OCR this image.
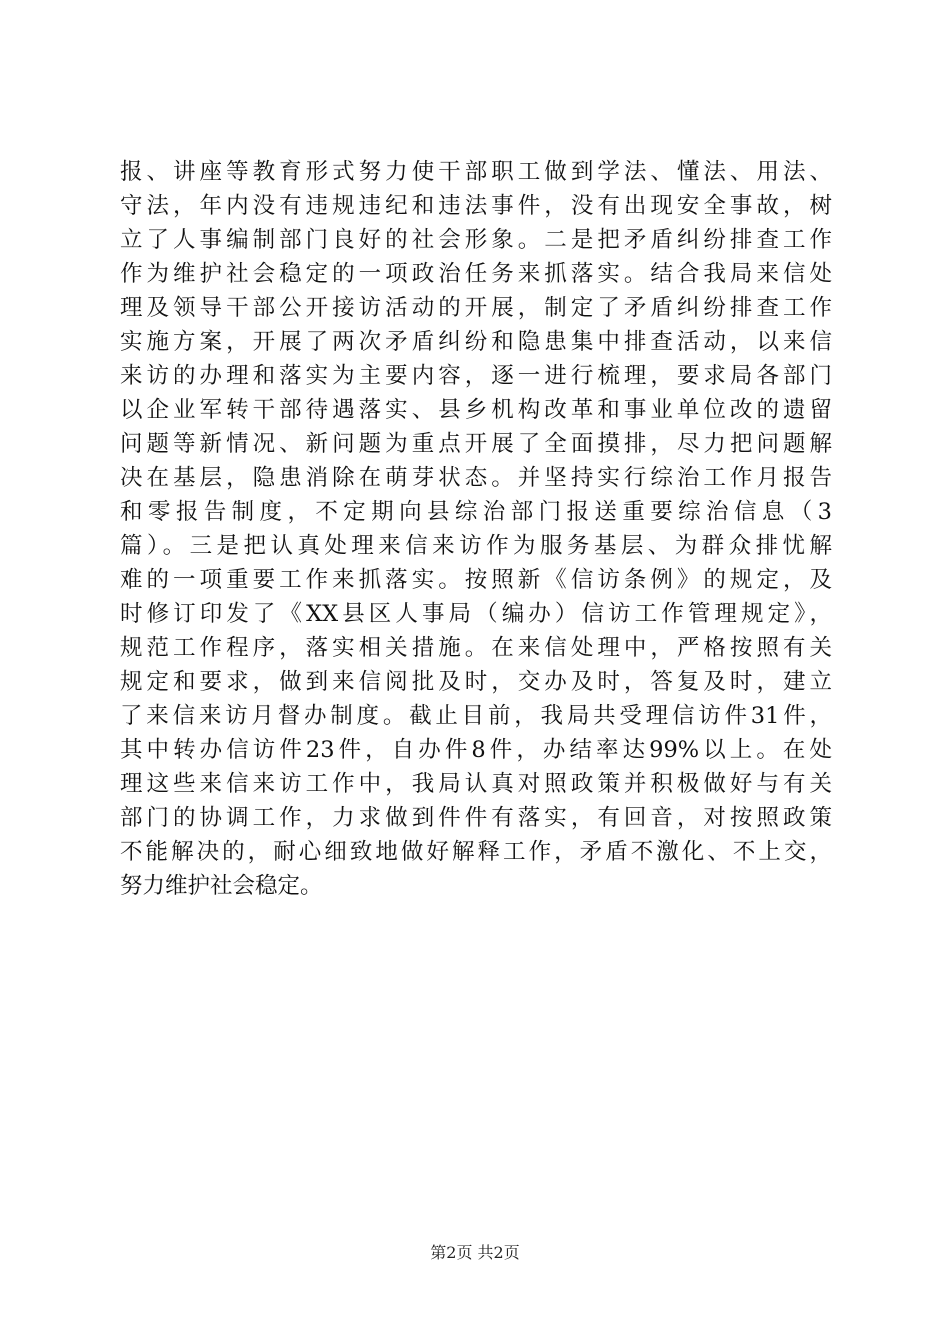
报、讲座等教育形式努力使干部职工做到学法、懂法、用法、
守法，年内没有违规违纪和违法事件，没有出现安全事故，树
立了人事编制部门良好的社会形象。二是把矛盾纠纷排查工作
作为维护社会稳定的一项政治任务来抓落实。结合我局来信处
理及领导干部公开接访活动的开展，制定了矛盾纠纷排查工作
实施方案，开展了两次矛盾纠纷和隐患集中排查活动，以来信
来访的办理和落实为主要内容，逐一进行梳理，要求局各部门
以企业军转干部待遇落实、县乡机构改革和事业单位改的遗留
问题等新情况、新问题为重点开展了全面摸排，尽力把问题解
决在基层，隐患消除在萌芽状态。并坚持实行综治工作月报告
和零报告制度，不定期向县综治部门报送重要综治信息（3
篇）。三是把认真处理来信来访作为服务基层、为群众排忧解
难的一项重要工作来抓落实。按照新《信访条例》的规定，及
时修订印发了《XX县区人事局（编办）信访工作管理规定》，
规范工作程序，落实相关措施。在来信处理中，严格按照有关
规定和要求，做到来信阅批及时，交办及时，答复及时，建立
了来信来访月督办制度。截止目前，我局共受理信访件31件，
其中转办信访件23件，自办件8件，办结率达99%以上。在处
理这些来信来访工作中，我局认真对照政策并积极做好与有关
部门的协调工作，力求做到件件有落实，有回音，对按照政策
不能解决的，耐心细致地做好解释工作，矛盾不激化、不上交，
努力维护社会稳定。
第2页 共2页
